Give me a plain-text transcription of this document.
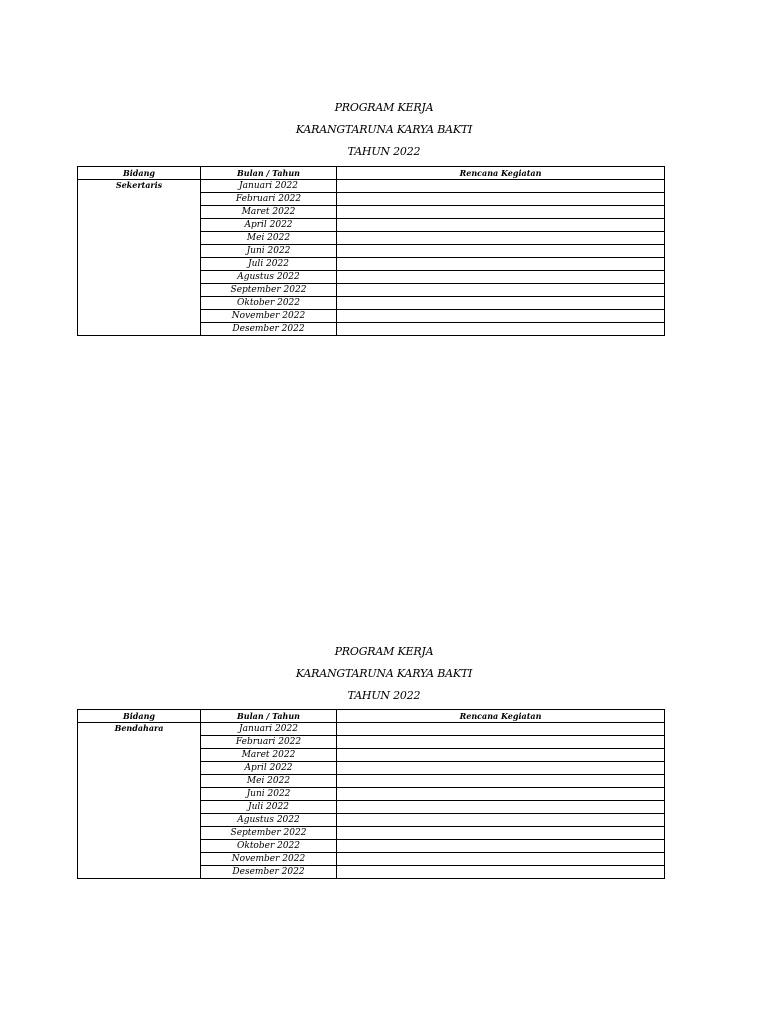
PROGRAM KERJA
KARANGTARUNA KARYA BAKTI
TAHUN 2022
Bidang	Bulan / Tahun	Rencana Kegiatan
Sekertaris	Januari 2022	
	Februari 2022	
	Maret 2022	
	April 2022	
	Mei 2022	
	Juni 2022	
	Juli 2022	
	Agustus 2022	
	September 2022	
	Oktober 2022	
	November 2022	
	Desember 2022	
PROGRAM KERJA
KARANGTARUNA KARYA BAKTI
TAHUN 2022
Bidang	Bulan / Tahun	Rencana Kegiatan
Bendahara	Januari 2022	
	Februari 2022	
	Maret 2022	
	April 2022	
	Mei 2022	
	Juni 2022	
	Juli 2022	
	Agustus 2022	
	September 2022	
	Oktober 2022	
	November 2022	
	Desember 2022	
